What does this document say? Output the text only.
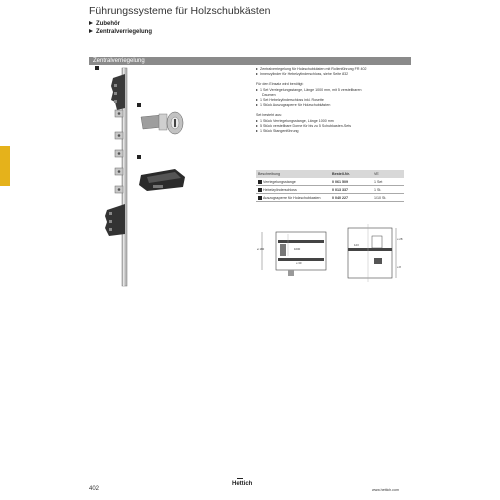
Führungssysteme für Holzschubkästen
Zubehör
Zentralverriegelung
Zentralverriegelung
ø 180	1000
≥ 30
123
≥ 28
≥ 8
Zentralverriegelung für Holzschubkästen mit Rollenführung FR 402
Innenzylinder für Hebelzylinderschloss, siehe Seite 832
Für den Einsatz wird benötigt:
1 Set Verriegelungsstange, Länge 1000 mm, mit 5 verstellbaren
Daumen
1 Set Hebelzylinderschloss inkl. Rosette
1 Stück Auszugssperre für Holzschubkästen
Set besteht aus:
1 Stück Verriegelungsstange, Länge 1000 mm
5 Stück verstellbare Dorne für bis zu 5 Schubkasten-Sets
1 Stück Stangenführung
Beschreibung	Bestell-Nr.	VE
Verriegelungsstange	0 061 509	1 Set
Hebelzylinderschloss	0 013 337	1 St.
Auszugssperre für Holzschubkasten	0 040 227	1/10 St.
402
Hettich
www.hettich.com
